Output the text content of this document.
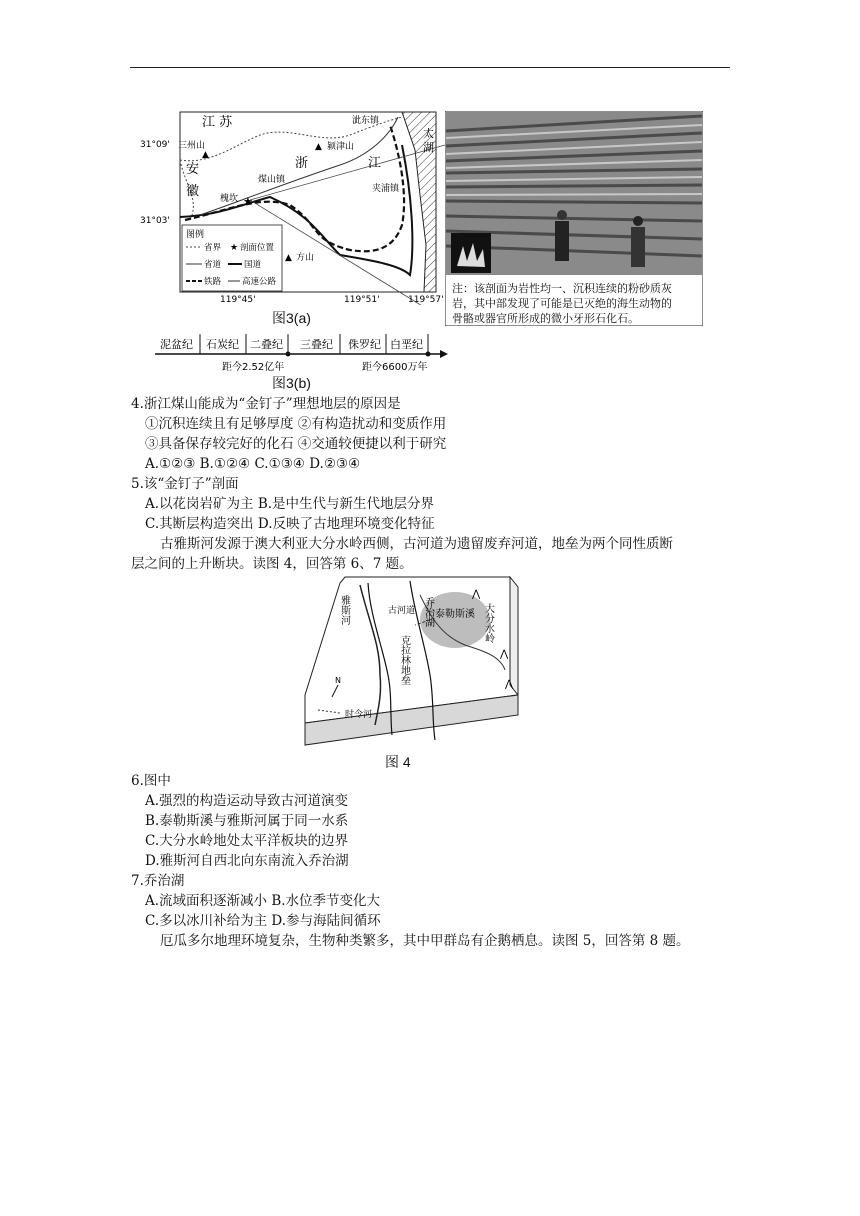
★
▲
▲
▲
江 苏
浙	江
安
徽
太
湖
三州山	颍津山
煤山镇
槐坎
夹浦镇
方山
泚东镇
31°09'
31°03'
119°45'	119°51'	119°57'
图例
省界 ★ 剖面位置
省道	国道
铁路 高速公路	注：该剖面为岩性均一、沉积连续的粉砂质灰
岩，其中部发现了可能是已灭绝的海生动物的
骨骼或器官所形成的微小牙形石化石。
图3(a)
泥盆纪 石炭纪 二叠纪 三叠纪 侏罗纪 白垩纪
距今2.52亿年	距今6600万年
图3(b)
4.浙江煤山能成为“金钉子”理想地层的原因是
①沉积连续且有足够厚度 ②有构造扰动和变质作用
③具备保存较完好的化石 ④交通较便捷以利于研究
A.①②③ B.①②④ C.①③④ D.②③④
5.该“金钉子”剖面
A.以花岗岩矿为主 B.是中生代与新生代地层分界
C.其断层构造突出 D.反映了古地理环境变化特征
古雅斯河发源于澳大利亚大分水岭西侧，古河道为遗留废弃河道，地垒为两个同性质断
层之间的上升断块。读图 4，回答第 6、7 题。
雅斯河	古河道 乔治湖 泰勒斯溪
克拉林地垒
大分水岭
⋀
⋀
⋀
N
时令河
图 4
6.图中
A.强烈的构造运动导致古河道演变
B.泰勒斯溪与雅斯河属于同一水系
C.大分水岭地处太平洋板块的边界
D.雅斯河自西北向东南流入乔治湖
7.乔治湖
A.流域面积逐渐减小 B.水位季节变化大
C.多以冰川补给为主 D.参与海陆间循环
厄瓜多尔地理环境复杂，生物种类繁多，其中甲群岛有企鹅栖息。读图 5，回答第 8 题。
